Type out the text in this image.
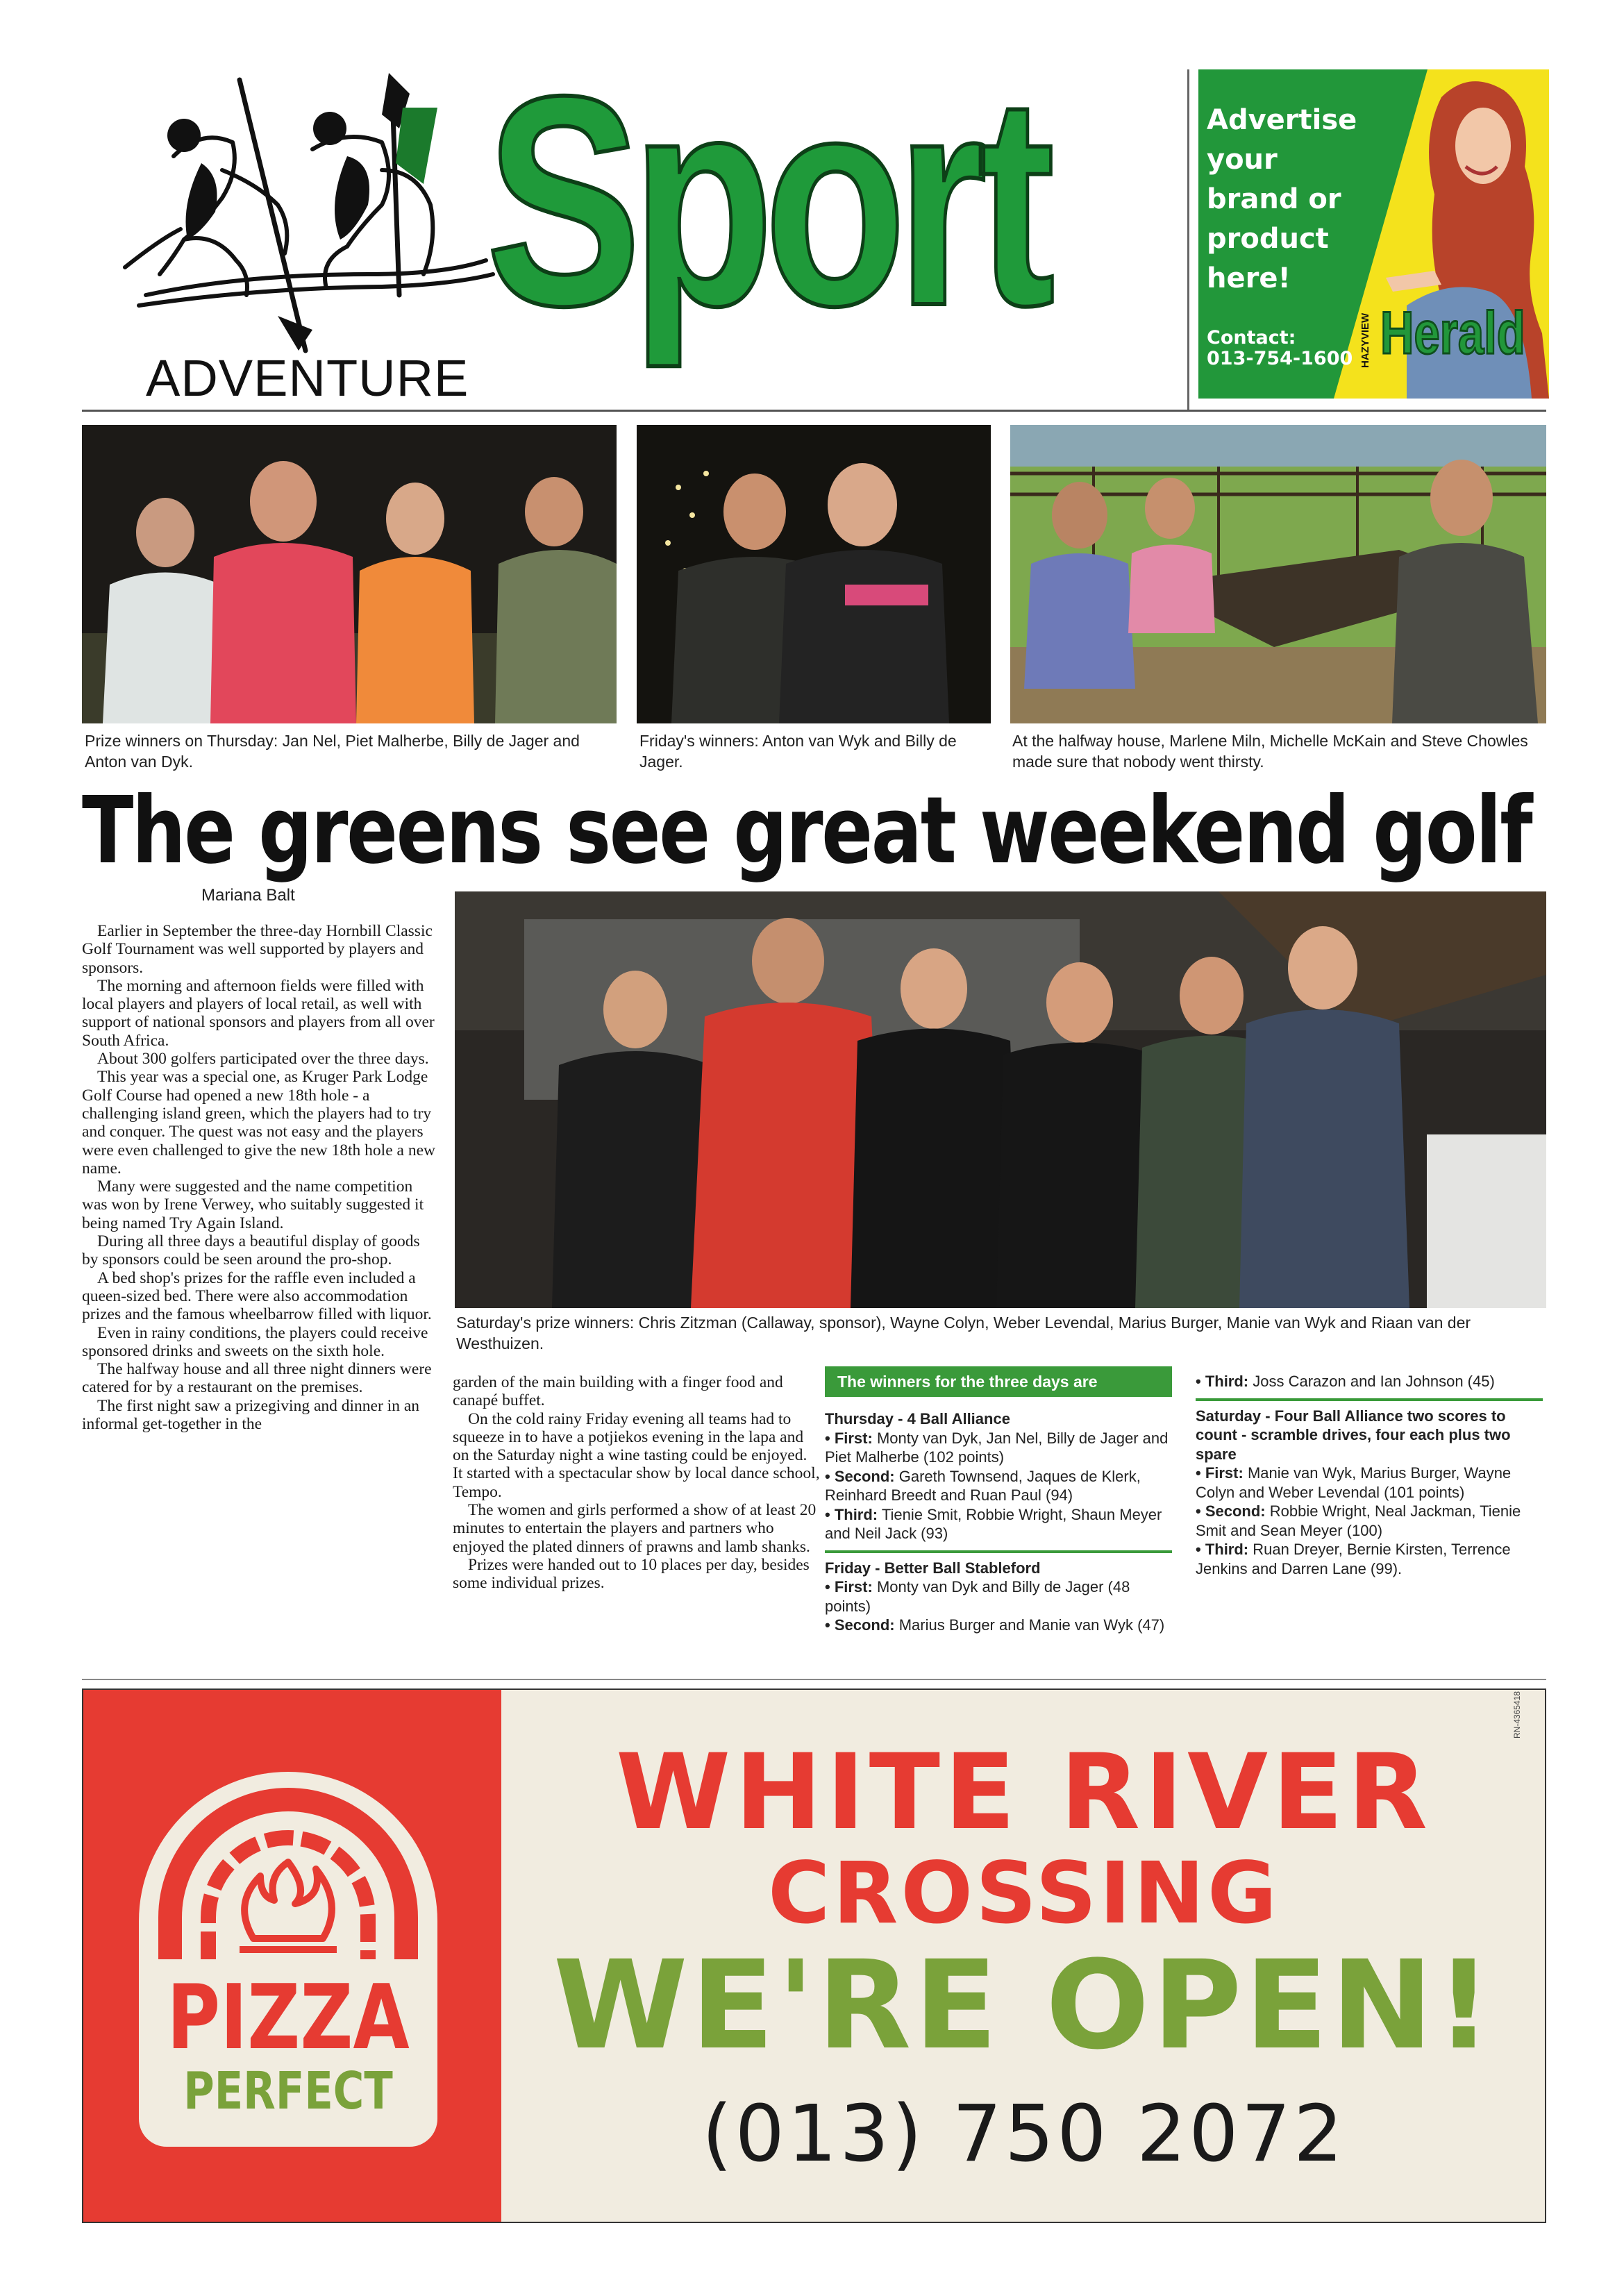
Sport
ADVENTURE
Advertise
your
brand or
product
here!
Contact:
013-754-1600 HAZYVIEW Herald
Prize winners on Thursday: Jan Nel, Piet Malherbe, Billy de Jager and Anton van Dyk.
Friday's winners: Anton van Wyk and Billy de Jager.
At the halfway house, Marlene Miln, Michelle McKain and Steve Chowles made sure that nobody went thirsty.
The greens see great weekend golf
Mariana Balt
Saturday's prize winners: Chris Zitzman (Callaway, sponsor), Wayne Colyn, Weber Levendal, Marius Burger, Manie van Wyk and Riaan van der Westhuizen.

Earlier in September the three-day Hornbill Classic Golf Tournament was well supported by players and sponsors.

The morning and afternoon fields were filled with local players and players of local retail, as well with support of national sponsors and players from all over South Africa.

About 300 golfers participated over the three days.

This year was a special one, as Kruger Park Lodge Golf Course had opened a new 18th hole - a challenging island green, which the players had to try and conquer. The quest was not easy and the players were even challenged to give the new 18th hole a new name.

Many were suggested and the name competition was won by Irene Verwey, who suitably suggested it being named Try Again Island.

During all three days a beautiful display of goods by sponsors could be seen around the pro-shop.

A bed shop's prizes for the raffle even included a queen-sized bed. There were also accommodation prizes and the famous wheelbarrow filled with liquor.

Even in rainy conditions, the players could receive sponsored drinks and sweets on the sixth hole.

The halfway house and all three night dinners were catered for by a restaurant on the premises.

The first night saw a prizegiving and dinner in an informal get-together in the

garden of the main building with a finger food and canapé buffet.

On the cold rainy Friday evening all teams had to squeeze in to have a potjiekos evening in the lapa and on the Saturday night a wine tasting could be enjoyed. It started with a spectacular show by local dance school, Tempo.

The women and girls performed a show of at least 20 minutes to entertain the players and partners who enjoyed the plated dinners of prawns and lamb shanks.

Prizes were handed out to 10 places per day, besides some individual prizes.

The winners for the three days are

Thursday - 4 Ball Alliance

• First: Monty van Dyk, Jan Nel, Billy de Jager and Piet Malherbe (102 points)

• Second: Gareth Townsend, Jaques de Klerk, Reinhard Breedt and Ruan Paul (94)

• Third: Tienie Smit, Robbie Wright, Shaun Meyer and Neil Jack (93)

Friday - Better Ball Stableford

• First: Monty van Dyk and Billy de Jager (48 points)

• Second: Marius Burger and Manie van Wyk (47)

• Third: Joss Carazon and Ian Johnson (45)

Saturday - Four Ball Alliance two scores to count - scramble drives, four each plus two spare

• First: Manie van Wyk, Marius Burger, Wayne Colyn and Weber Levendal (101 points)

• Second: Robbie Wright, Neal Jackman, Tienie Smit and Sean Meyer (100)

• Third: Ruan Dreyer, Bernie Kirsten, Terrence Jenkins and Darren Lane (99).

PIZZA
PERFECT
WHITE RIVER
CROSSING
WE'RE OPEN!
(013) 750 2072
RN-4365418
